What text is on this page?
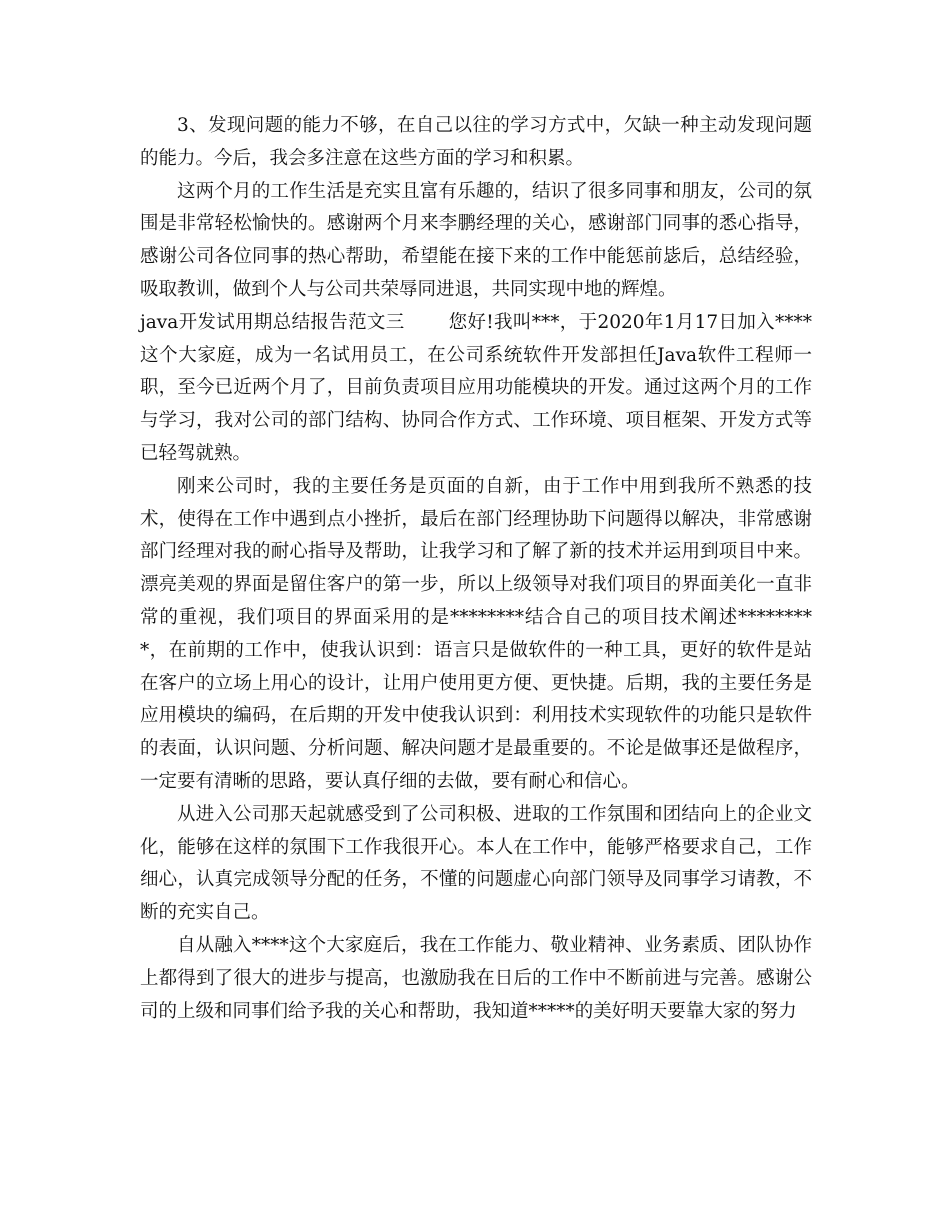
3、发现问题的能力不够，在自己以往的学习方式中，欠缺一种主动发现问题的能力。今后，我会多注意在这些方面的学习和积累。

这两个月的工作生活是充实且富有乐趣的，结识了很多同事和朋友，公司的氛围是非常轻松愉快的。感谢两个月来李鹏经理的关心，感谢部门同事的悉心指导，感谢公司各位同事的热心帮助，希望能在接下来的工作中能惩前毖后，总结经验，吸取教训，做到个人与公司共荣辱同进退，共同实现中地的辉煌。

java开发试用期总结报告范文三 您好!我叫***，于2020年1月17日加入****这个大家庭，成为一名试用员工，在公司系统软件开发部担任Java软件工程师一职，至今已近两个月了，目前负责项目应用功能模块的开发。通过这两个月的工作与学习，我对公司的部门结构、协同合作方式、工作环境、项目框架、开发方式等已轻驾就熟。

刚来公司时，我的主要任务是页面的自新，由于工作中用到我所不熟悉的技术，使得在工作中遇到点小挫折，最后在部门经理协助下问题得以解决，非常感谢部门经理对我的耐心指导及帮助，让我学习和了解了新的技术并运用到项目中来。漂亮美观的界面是留住客户的第一步，所以上级领导对我们项目的界面美化一直非常的重视，我们项目的界面采用的是********结合自己的项目技术阐述*********，在前期的工作中，使我认识到：语言只是做软件的一种工具，更好的软件是站在客户的立场上用心的设计，让用户使用更方便、更快捷。后期，我的主要任务是应用模块的编码，在后期的开发中使我认识到：利用技术实现软件的功能只是软件的表面，认识问题、分析问题、解决问题才是最重要的。不论是做事还是做程序，一定要有清晰的思路，要认真仔细的去做，要有耐心和信心。

从进入公司那天起就感受到了公司积极、进取的工作氛围和团结向上的企业文化，能够在这样的氛围下工作我很开心。本人在工作中，能够严格要求自己，工作细心，认真完成领导分配的任务，不懂的问题虚心向部门领导及同事学习请教，不断的充实自己。

自从融入****这个大家庭后，我在工作能力、敬业精神、业务素质、团队协作上都得到了很大的进步与提高，也激励我在日后的工作中不断前进与完善。感谢公司的上级和同事们给予我的关心和帮助，我知道*****的美好明天要靠大家的努力
